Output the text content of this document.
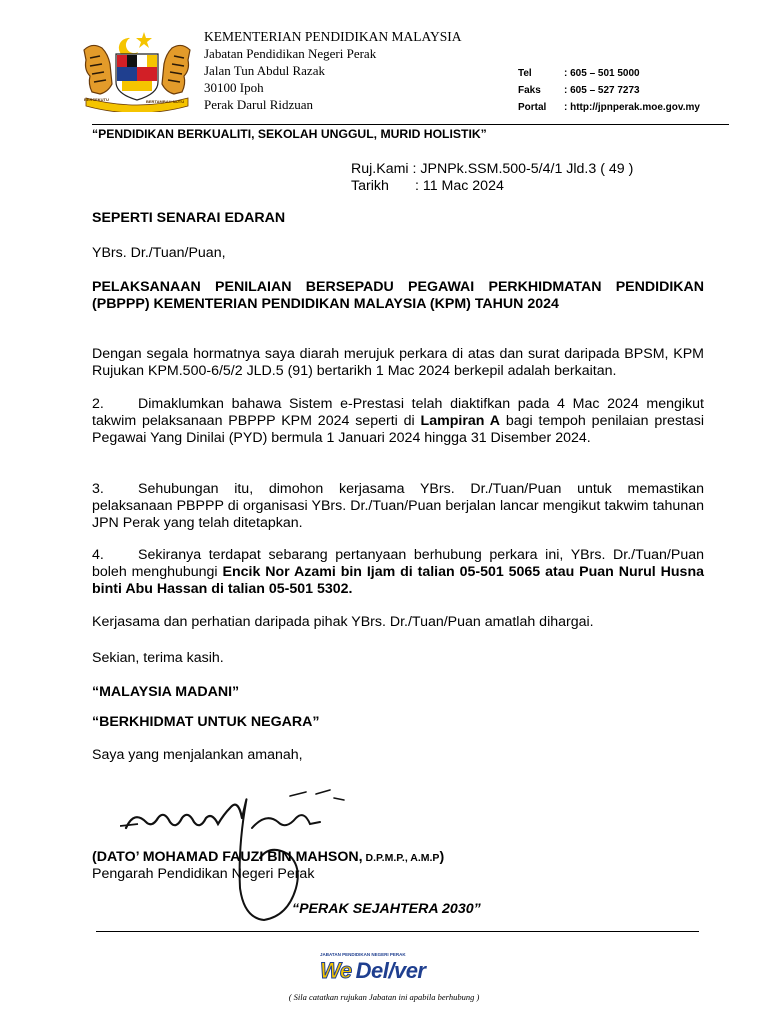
BERSEKUTU	BERTAMBAH MUTU
KEMENTERIAN PENDIDIKAN MALAYSIA
Jabatan Pendidikan Negeri Perak
Jalan Tun Abdul Razak
30100 Ipoh
Perak Darul Ridzuan
Tel	: 605 – 501 5000
Faks : 605 – 527 7273
Portal : http://jpnperak.moe.gov.my
“PENDIDIKAN BERKUALITI, SEKOLAH UNGGUL, MURID HOLISTIK”
Ruj.Kami : JPNPk.SSM.500-5/4/1 Jld.3 ( 49 )
Tarikh : 11 Mac 2024
SEPERTI SENARAI EDARAN
YBrs. Dr./Tuan/Puan,
PELAKSANAAN PENILAIAN BERSEPADU PEGAWAI PERKHIDMATAN PENDIDIKAN (PBPPP) KEMENTERIAN PENDIDIKAN MALAYSIA (KPM) TAHUN 2024
Dengan segala hormatnya saya diarah merujuk perkara di atas dan surat daripada BPSM, KPM Rujukan KPM.500-6/5/2 JLD.5 (91) bertarikh 1 Mac 2024 berkepil adalah berkaitan.
2. Dimaklumkan bahawa Sistem e-Prestasi telah diaktifkan pada 4 Mac 2024 mengikut takwim pelaksanaan PBPPP KPM 2024 seperti di Lampiran A bagi tempoh penilaian prestasi Pegawai Yang Dinilai (PYD) bermula 1 Januari 2024 hingga 31 Disember 2024.
3. Sehubungan itu, dimohon kerjasama YBrs. Dr./Tuan/Puan untuk memastikan pelaksanaan PBPPP di organisasi YBrs. Dr./Tuan/Puan berjalan lancar mengikut takwim tahunan JPN Perak yang telah ditetapkan.
4. Sekiranya terdapat sebarang pertanyaan berhubung perkara ini, YBrs. Dr./Tuan/Puan boleh menghubungi Encik Nor Azami bin Ijam di talian 05-501 5065 atau Puan Nurul Husna binti Abu Hassan di talian 05-501 5302.
Kerjasama dan perhatian daripada pihak YBrs. Dr./Tuan/Puan amatlah dihargai.
Sekian, terima kasih.
“MALAYSIA MADANI”
“BERKHIDMAT UNTUK NEGARA”
Saya yang menjalankan amanah,
(DATO’ MOHAMAD FAUZI BIN MAHSON, D.P.M.P., A.M.P)
Pengarah Pendidikan Negeri Perak
“PERAK SEJAHTERA 2030”
JABATAN PENDIDIKAN NEGERI PERAK
We Del/ver
( Sila catatkan rujukan Jabatan ini apabila berhubung )
